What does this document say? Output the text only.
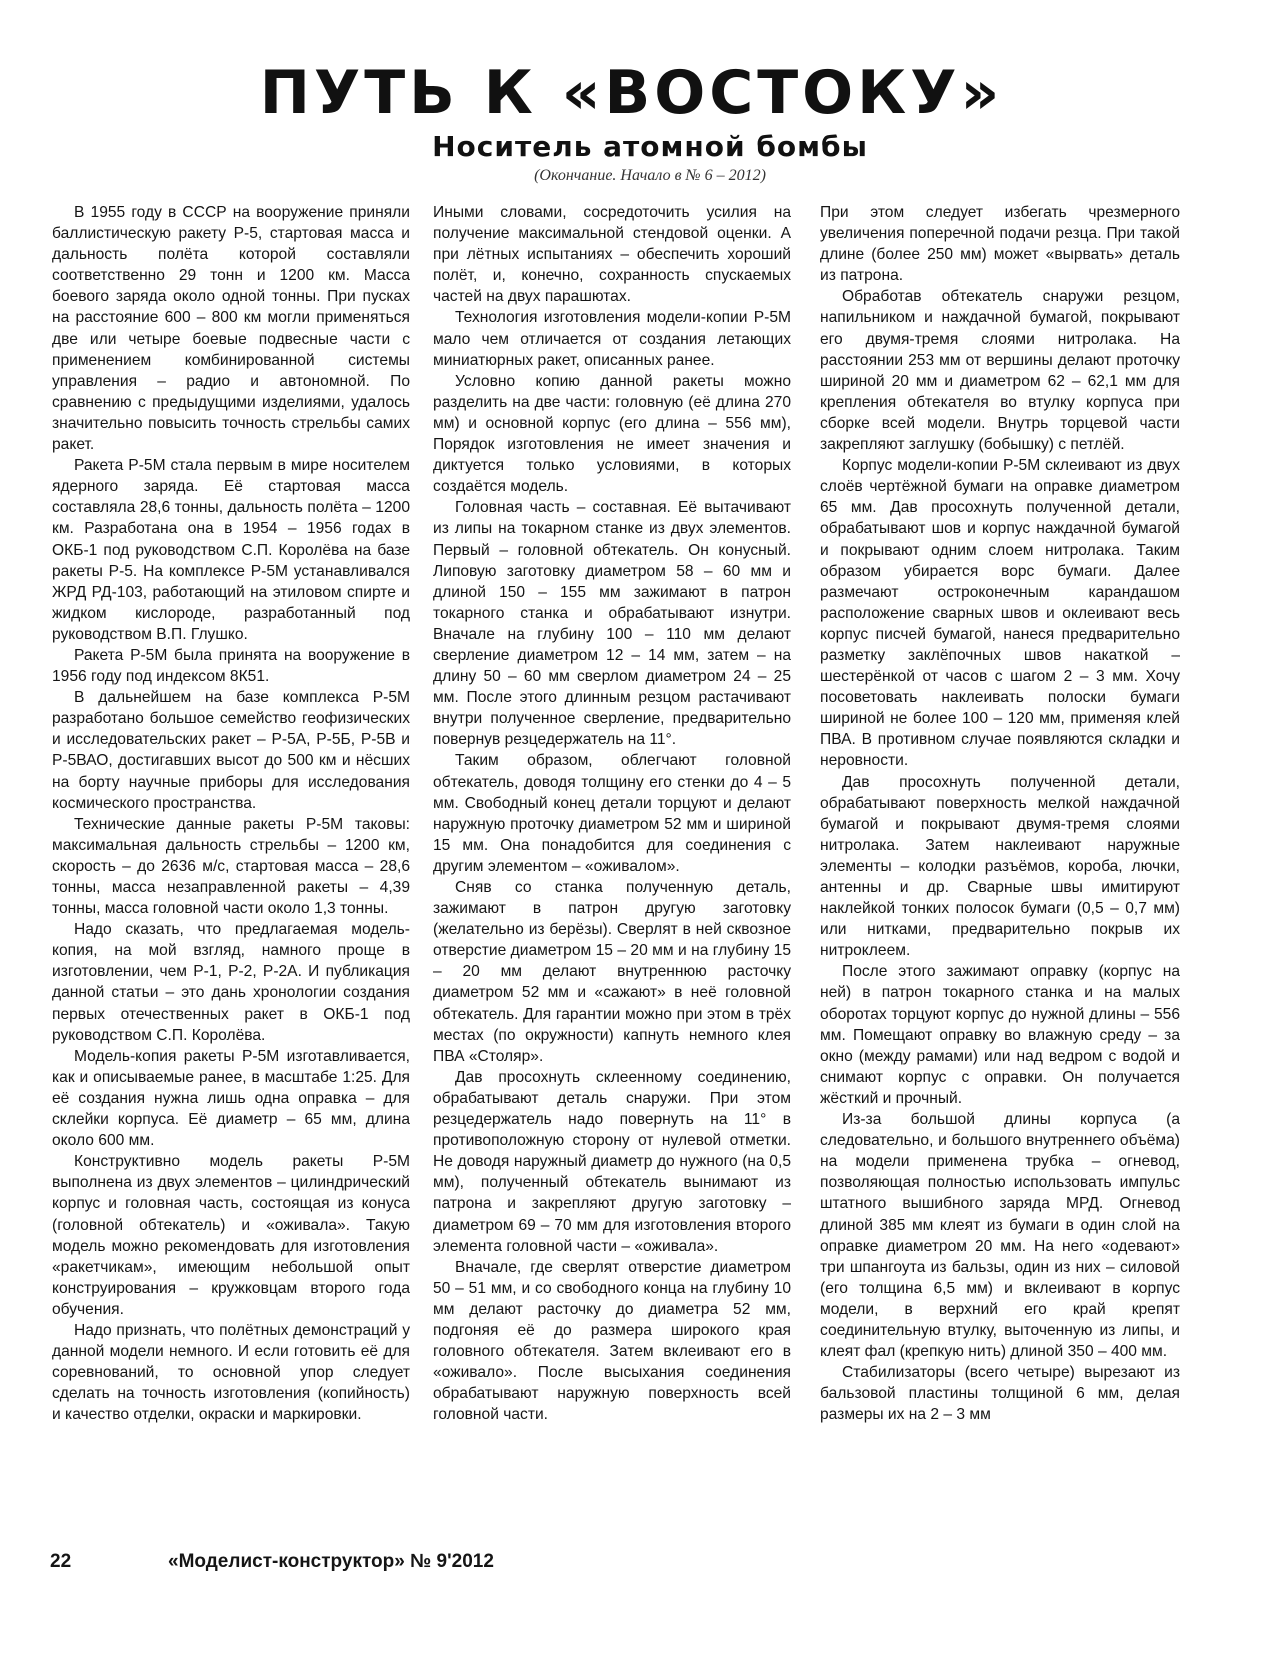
ПУТЬ К «ВОСТОКУ»
Носитель атомной бомбы
(Окончание. Начало в № 6 – 2012)

В 1955 году в СССР на вооружение приняли баллистическую ракету Р-5, стартовая масса и дальность полёта которой составляли соответственно 29 тонн и 1200 км. Масса боевого заряда около одной тонны. При пусках на расстояние 600 – 800 км могли применяться две или четыре боевые подвесные части с применением комбинированной системы управления – радио и автономной. По сравнению с предыдущими изделиями, удалось значительно повысить точность стрельбы самих ракет.

Ракета Р-5М стала первым в мире носителем ядерного заряда. Её стартовая масса составляла 28,6 тонны, дальность полёта – 1200 км. Разработана она в 1954 – 1956 годах в ОКБ-1 под руководством С.П. Королёва на базе ракеты Р-5. На комплексе Р-5М устанавливался ЖРД РД-103, работающий на этиловом спирте и жидком кислороде, разработанный под руководством В.П. Глушко.

Ракета Р-5М была принята на вооружение в 1956 году под индексом 8К51.

В дальнейшем на базе комплекса Р-5М разработано большое семейство геофизических и исследовательских ракет – Р-5А, Р-5Б, Р-5В и Р-5ВАО, достигавших высот до 500 км и нёсших на борту научные приборы для исследования космического пространства.

Технические данные ракеты Р-5М таковы: максимальная дальность стрельбы – 1200 км, скорость – до 2636 м/с, стартовая масса – 28,6 тонны, масса незаправленной ракеты – 4,39 тонны, масса головной части около 1,3 тонны.

Надо сказать, что предлагаемая модель-копия, на мой взгляд, намного проще в изготовлении, чем Р-1, Р-2, Р-2А. И публикация данной статьи – это дань хронологии создания первых отечественных ракет в ОКБ-1 под руководством С.П. Королёва.

Модель-копия ракеты Р-5М изготавливается, как и описываемые ранее, в масштабе 1:25. Для её создания нужна лишь одна оправка – для склейки корпуса. Её диаметр – 65 мм, длина около 600 мм.

Конструктивно модель ракеты Р-5М выполнена из двух элементов – цилиндрический корпус и головная часть, состоящая из конуса (головной обтекатель) и «оживала». Такую модель можно рекомендовать для изготовления «ракетчикам», имеющим небольшой опыт конструирования – кружковцам второго года обучения.

Надо признать, что полётных демонстраций у данной модели немного. И если готовить её для соревнований, то основной упор следует сделать на точность изготовления (копийность) и качество отделки, окраски и маркировки.

Иными словами, сосредоточить усилия на получение максимальной стендовой оценки. А при лётных испытаниях – обеспечить хороший полёт, и, конечно, сохранность спускаемых частей на двух парашютах.

Технология изготовления модели-копии Р-5М мало чем отличается от создания летающих миниатюрных ракет, описанных ранее.

Условно копию данной ракеты можно разделить на две части: головную (её длина 270 мм) и основной корпус (его длина – 556 мм), Порядок изготовления не имеет значения и диктуется только условиями, в которых создаётся модель.

Головная часть – составная. Её вытачивают из липы на токарном станке из двух элементов. Первый – головной обтекатель. Он конусный. Липовую заготовку диаметром 58 – 60 мм и длиной 150 – 155 мм зажимают в патрон токарного станка и обрабатывают изнутри. Вначале на глубину 100 – 110 мм делают сверление диаметром 12 – 14 мм, затем – на длину 50 – 60 мм сверлом диаметром 24 – 25 мм. После этого длинным резцом растачивают внутри полученное сверление, предварительно повернув резцедержатель на 11°.

Таким образом, облегчают головной обтекатель, доводя толщину его стенки до 4 – 5 мм. Свободный конец детали торцуют и делают наружную проточку диаметром 52 мм и шириной 15 мм. Она понадобится для соединения с другим элементом – «оживалом».

Сняв со станка полученную деталь, зажимают в патрон другую заготовку (желательно из берёзы). Сверлят в ней сквозное отверстие диаметром 15 – 20 мм и на глубину 15 – 20 мм делают внутреннюю расточку диаметром 52 мм и «сажают» в неё головной обтекатель. Для гарантии можно при этом в трёх местах (по окружности) капнуть немного клея ПВА «Столяр».

Дав просохнуть склеенному соединению, обрабатывают деталь снаружи. При этом резцедержатель надо повернуть на 11° в противоположную сторону от нулевой отметки. Не доводя наружный диаметр до нужного (на 0,5 мм), полученный обтекатель вынимают из патрона и закрепляют другую заготовку – диаметром 69 – 70 мм для изготовления второго элемента головной части – «оживала».

Вначале, где сверлят отверстие диаметром 50 – 51 мм, и со свободного конца на глубину 10 мм делают расточку до диаметра 52 мм, подгоняя её до размера широкого края головного обтекателя. Затем вклеивают его в «оживало». После высыхания соединения обрабатывают наружную поверхность всей головной части.

При этом следует избегать чрезмерного увеличения поперечной подачи резца. При такой длине (более 250 мм) может «вырвать» деталь из патрона.

Обработав обтекатель снаружи резцом, напильником и наждачной бумагой, покрывают его двумя-тремя слоями нитролака. На расстоянии 253 мм от вершины делают проточку шириной 20 мм и диаметром 62 – 62,1 мм для крепления обтекателя во втулку корпуса при сборке всей модели. Внутрь торцевой части закрепляют заглушку (бобышку) с петлёй.

Корпус модели-копии Р-5М склеивают из двух слоёв чертёжной бумаги на оправке диаметром 65 мм. Дав просохнуть полученной детали, обрабатывают шов и корпус наждачной бумагой и покрывают одним слоем нитролака. Таким образом убирается ворс бумаги. Далее размечают остроконечным карандашом расположение сварных швов и оклеивают весь корпус писчей бумагой, нанеся предварительно разметку заклёпочных швов накаткой – шестерёнкой от часов с шагом 2 – 3 мм. Хочу посоветовать наклеивать полоски бумаги шириной не более 100 – 120 мм, применяя клей ПВА. В противном случае появляются складки и неровности.

Дав просохнуть полученной детали, обрабатывают поверхность мелкой наждачной бумагой и покрывают двумя-тремя слоями нитролака. Затем наклеивают наружные элементы – колодки разъёмов, короба, лючки, антенны и др. Сварные швы имитируют наклейкой тонких полосок бумаги (0,5 – 0,7 мм) или нитками, предварительно покрыв их нитроклеем.

После этого зажимают оправку (корпус на ней) в патрон токарного станка и на малых оборотах торцуют корпус до нужной длины – 556 мм. Помещают оправку во влажную среду – за окно (между рамами) или над ведром с водой и снимают корпус с оправки. Он получается жёсткий и прочный.

Из-за большой длины корпуса (а следовательно, и большого внутреннего объёма) на модели применена трубка – огневод, позволяющая полностью использовать импульс штатного вышибного заряда МРД. Огневод длиной 385 мм клеят из бумаги в один слой на оправке диаметром 20 мм. На него «одевают» три шпангоута из бальзы, один из них – силовой (его толщина 6,5 мм) и вклеивают в корпус модели, в верхний его край крепят соединительную втулку, выточенную из липы, и клеят фал (крепкую нить) длиной 350 – 400 мм.

Стабилизаторы (всего четыре) вырезают из бальзовой пластины толщиной 6 мм, делая размеры их на 2 – 3 мм

22	«Моделист-конструктор» № 9'2012
